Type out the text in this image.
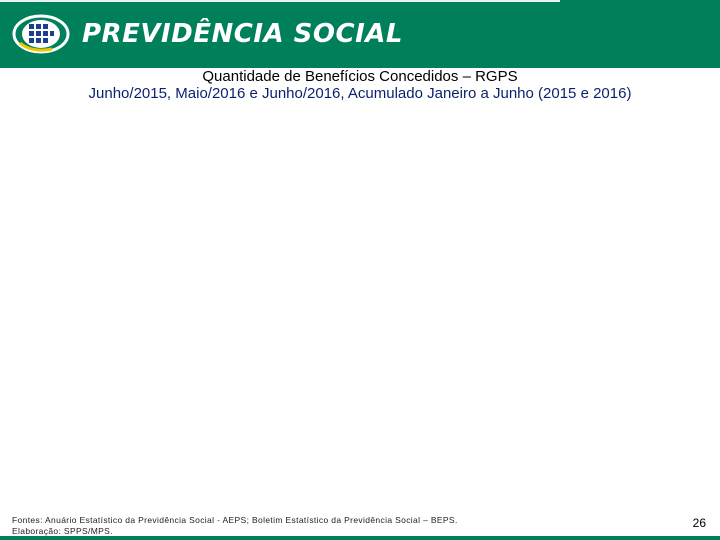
PREVIDÊNCIA SOCIAL
Quantidade de Benefícios Concedidos – RGPS
Junho/2015, Maio/2016 e Junho/2016, Acumulado Janeiro a Junho (2015 e 2016)
Fontes: Anuário Estatístico da Previdência Social - AEPS; Boletim Estatístico da Previdência Social – BEPS.
Elaboração: SPPS/MPS.
26
